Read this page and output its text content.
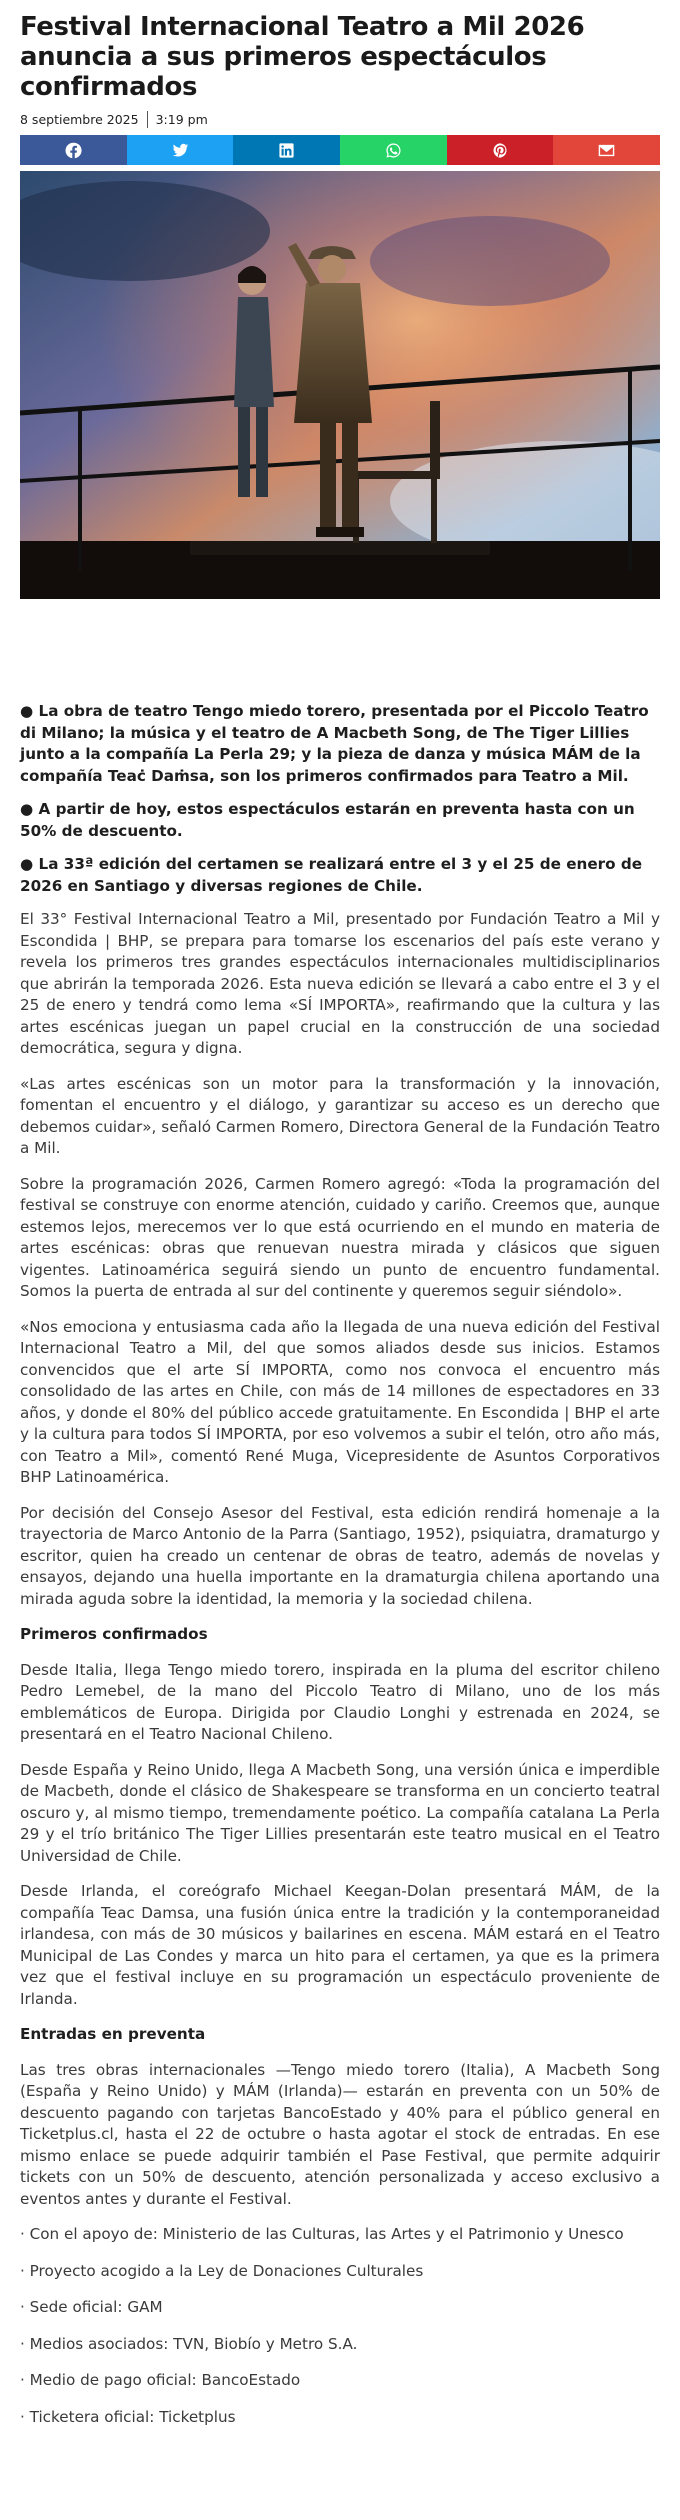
Festival Internacional Teatro a Mil 2026 anuncia a sus primeros espectáculos confirmados
8 septiembre 2025 3:19 pm

● La obra de teatro Tengo miedo torero, presentada por el Piccolo Teatro di Milano; la música y el teatro de A Macbeth Song, de The Tiger Lillies junto a la compañía La Perla 29; y la pieza de danza y música MÁM de la compañía Teaċ Daṁsa, son los primeros confirmados para Teatro a Mil.

● A partir de hoy, estos espectáculos estarán en preventa hasta con un 50% de descuento.

● La 33ª edición del certamen se realizará entre el 3 y el 25 de enero de 2026 en Santiago y diversas regiones de Chile.

El 33° Festival Internacional Teatro a Mil, presentado por Fundación Teatro a Mil y Escondida | BHP, se prepara para tomarse los escenarios del país este verano y revela los primeros tres grandes espectáculos internacionales multidisciplinarios que abrirán la temporada 2026. Esta nueva edición se llevará a cabo entre el 3 y el 25 de enero y tendrá como lema «SÍ IMPORTA», reafirmando que la cultura y las artes escénicas juegan un papel crucial en la construcción de una sociedad democrática, segura y digna.

«Las artes escénicas son un motor para la transformación y la innovación, fomentan el encuentro y el diálogo, y garantizar su acceso es un derecho que debemos cuidar», señaló Carmen Romero, Directora General de la Fundación Teatro a Mil.

Sobre la programación 2026, Carmen Romero agregó: «Toda la programación del festival se construye con enorme atención, cuidado y cariño. Creemos que, aunque estemos lejos, merecemos ver lo que está ocurriendo en el mundo en materia de artes escénicas: obras que renuevan nuestra mirada y clásicos que siguen vigentes. Latinoamérica seguirá siendo un punto de encuentro fundamental. Somos la puerta de entrada al sur del continente y queremos seguir siéndolo».

«Nos emociona y entusiasma cada año la llegada de una nueva edición del Festival Internacional Teatro a Mil, del que somos aliados desde sus inicios. Estamos convencidos que el arte SÍ IMPORTA, como nos convoca el encuentro más consolidado de las artes en Chile, con más de 14 millones de espectadores en 33 años, y donde el 80% del público accede gratuitamente. En Escondida | BHP el arte y la cultura para todos SÍ IMPORTA, por eso volvemos a subir el telón, otro año más, con Teatro a Mil», comentó René Muga, Vicepresidente de Asuntos Corporativos BHP Latinoamérica.

Por decisión del Consejo Asesor del Festival, esta edición rendirá homenaje a la trayectoria de Marco Antonio de la Parra (Santiago, 1952), psiquiatra, dramaturgo y escritor, quien ha creado un centenar de obras de teatro, además de novelas y ensayos, dejando una huella importante en la dramaturgia chilena aportando una mirada aguda sobre la identidad, la memoria y la sociedad chilena.

Primeros confirmados

Desde Italia, llega Tengo miedo torero, inspirada en la pluma del escritor chileno Pedro Lemebel, de la mano del Piccolo Teatro di Milano, uno de los más emblemáticos de Europa. Dirigida por Claudio Longhi y estrenada en 2024, se presentará en el Teatro Nacional Chileno.

Desde España y Reino Unido, llega A Macbeth Song, una versión única e imperdible de Macbeth, donde el clásico de Shakespeare se transforma en un concierto teatral oscuro y, al mismo tiempo, tremendamente poético. La compañía catalana La Perla 29 y el trío británico The Tiger Lillies presentarán este teatro musical en el Teatro Universidad de Chile.

Desde Irlanda, el coreógrafo Michael Keegan-Dolan presentará MÁM, de la compañía Teac Damsa, una fusión única entre la tradición y la contemporaneidad irlandesa, con más de 30 músicos y bailarines en escena. MÁM estará en el Teatro Municipal de Las Condes y marca un hito para el certamen, ya que es la primera vez que el festival incluye en su programación un espectáculo proveniente de Irlanda.

Entradas en preventa

Las tres obras internacionales —Tengo miedo torero (Italia), A Macbeth Song (España y Reino Unido) y MÁM (Irlanda)— estarán en preventa con un 50% de descuento pagando con tarjetas BancoEstado y 40% para el público general en Ticketplus.cl, hasta el 22 de octubre o hasta agotar el stock de entradas. En ese mismo enlace se puede adquirir también el Pase Festival, que permite adquirir tickets con un 50% de descuento, atención personalizada y acceso exclusivo a eventos antes y durante el Festival.

· Con el apoyo de: Ministerio de las Culturas, las Artes y el Patrimonio y Unesco

· Proyecto acogido a la Ley de Donaciones Culturales

· Sede oficial: GAM

· Medios asociados: TVN, Biobío y Metro S.A.

· Medio de pago oficial: BancoEstado

· Ticketera oficial: Ticketplus
